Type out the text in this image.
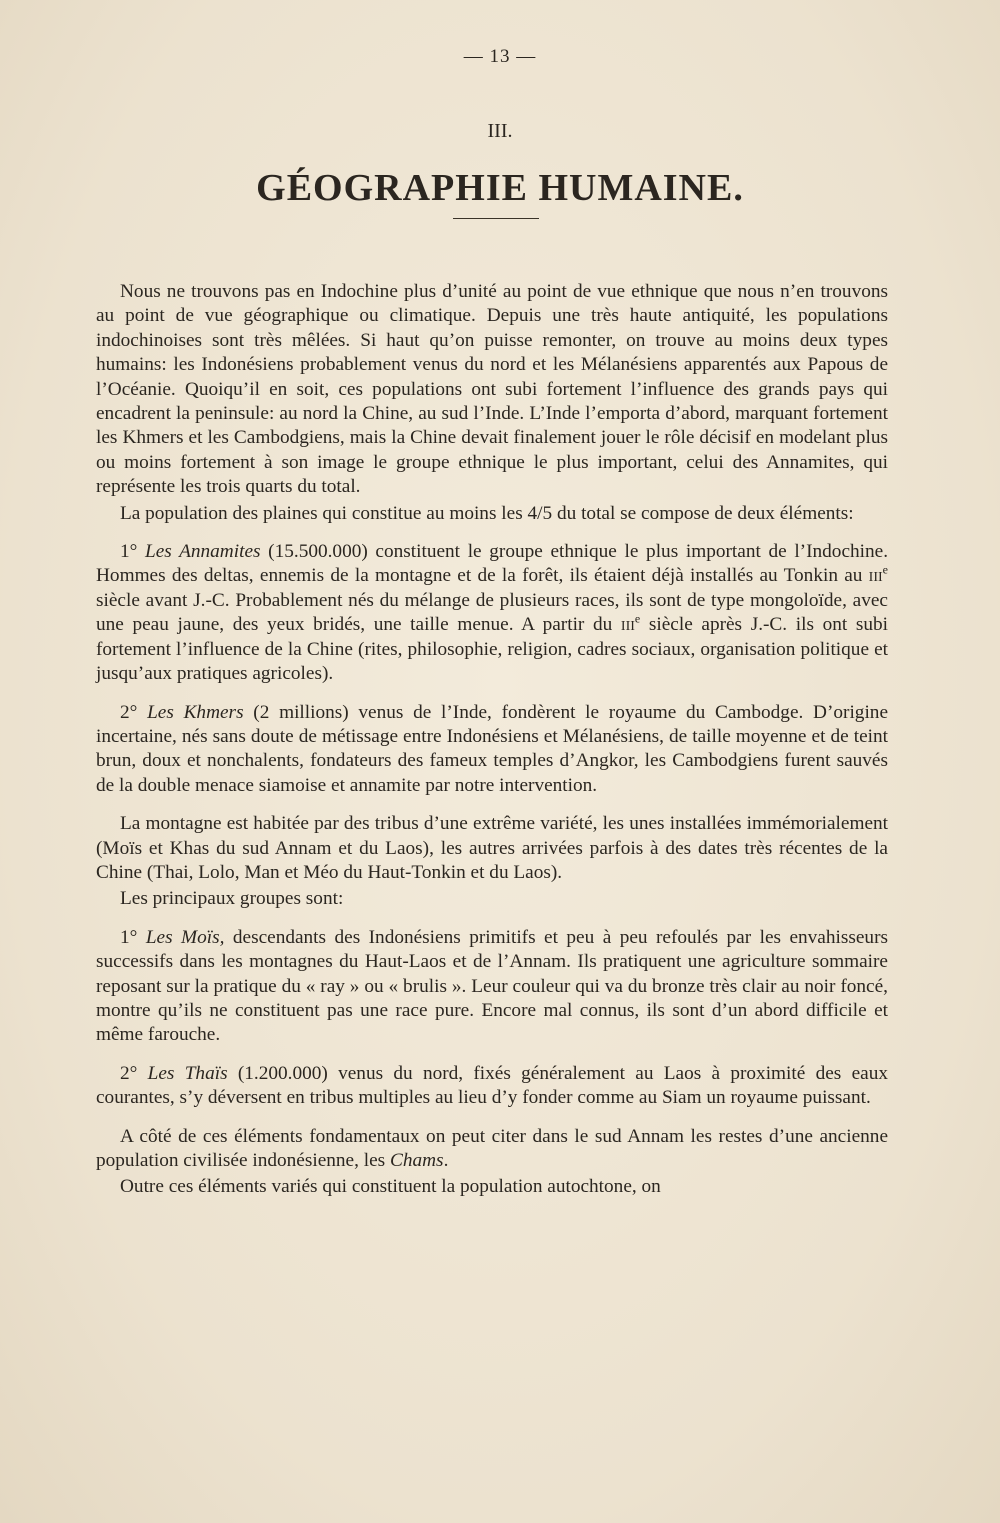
— 13 —
III.
GÉOGRAPHIE HUMAINE.

Nous ne trouvons pas en Indochine plus d’unité au point de vue ethnique que nous n’en trouvons au point de vue géographique ou climatique. Depuis une très haute antiquité, les populations indochinoises sont très mêlées. Si haut qu’on puisse remonter, on trouve au moins deux types humains: les Indonésiens probablement venus du nord et les Mélanésiens apparentés aux Papous de l’Océanie. Quoiqu’il en soit, ces populations ont subi fortement l’influence des grands pays qui encadrent la peninsule: au nord la Chine, au sud l’Inde. L’Inde l’emporta d’abord, marquant fortement les Khmers et les Cambodgiens, mais la Chine devait finalement jouer le rôle décisif en modelant plus ou moins fortement à son image le groupe ethnique le plus important, celui des Annamites, qui représente les trois quarts du total.

La population des plaines qui constitue au moins les 4/5 du total se compose de deux éléments:

1° Les Annamites (15.500.000) constituent le groupe ethnique le plus important de l’Indochine. Hommes des deltas, ennemis de la montagne et de la forêt, ils étaient déjà installés au Tonkin au iii$^e$ siècle avant J.-C. Probablement nés du mélange de plusieurs races, ils sont de type mongoloïde, avec une peau jaune, des yeux bridés, une taille menue. A partir du iii$^e$ siècle après J.-C. ils ont subi fortement l’influence de la Chine (rites, philosophie, religion, cadres sociaux, organisation politique et jusqu’aux pratiques agricoles).

2° Les Khmers (2 millions) venus de l’Inde, fondèrent le royaume du Cambodge. D’origine incertaine, nés sans doute de métissage entre Indonésiens et Mélanésiens, de taille moyenne et de teint brun, doux et nonchalents, fondateurs des fameux temples d’Angkor, les Cambodgiens furent sauvés de la double menace siamoise et annamite par notre intervention.

La montagne est habitée par des tribus d’une extrême variété, les unes installées immémorialement (Moïs et Khas du sud Annam et du Laos), les autres arrivées parfois à des dates très récentes de la Chine (Thai, Lolo, Man et Méo du Haut-Tonkin et du Laos).

Les principaux groupes sont:

1° Les Moïs, descendants des Indonésiens primitifs et peu à peu refoulés par les envahisseurs successifs dans les montagnes du Haut-Laos et de l’Annam. Ils pratiquent une agriculture sommaire reposant sur la pratique du « ray » ou « brulis ». Leur couleur qui va du bronze très clair au noir foncé, montre qu’ils ne constituent pas une race pure. Encore mal connus, ils sont d’un abord difficile et même farouche.

2° Les Thaïs (1.200.000) venus du nord, fixés généralement au Laos à proximité des eaux courantes, s’y déversent en tribus multiples au lieu d’y fonder comme au Siam un royaume puissant.

A côté de ces éléments fondamentaux on peut citer dans le sud Annam les restes d’une ancienne population civilisée indonésienne, les Chams.

Outre ces éléments variés qui constituent la population autochtone, on
